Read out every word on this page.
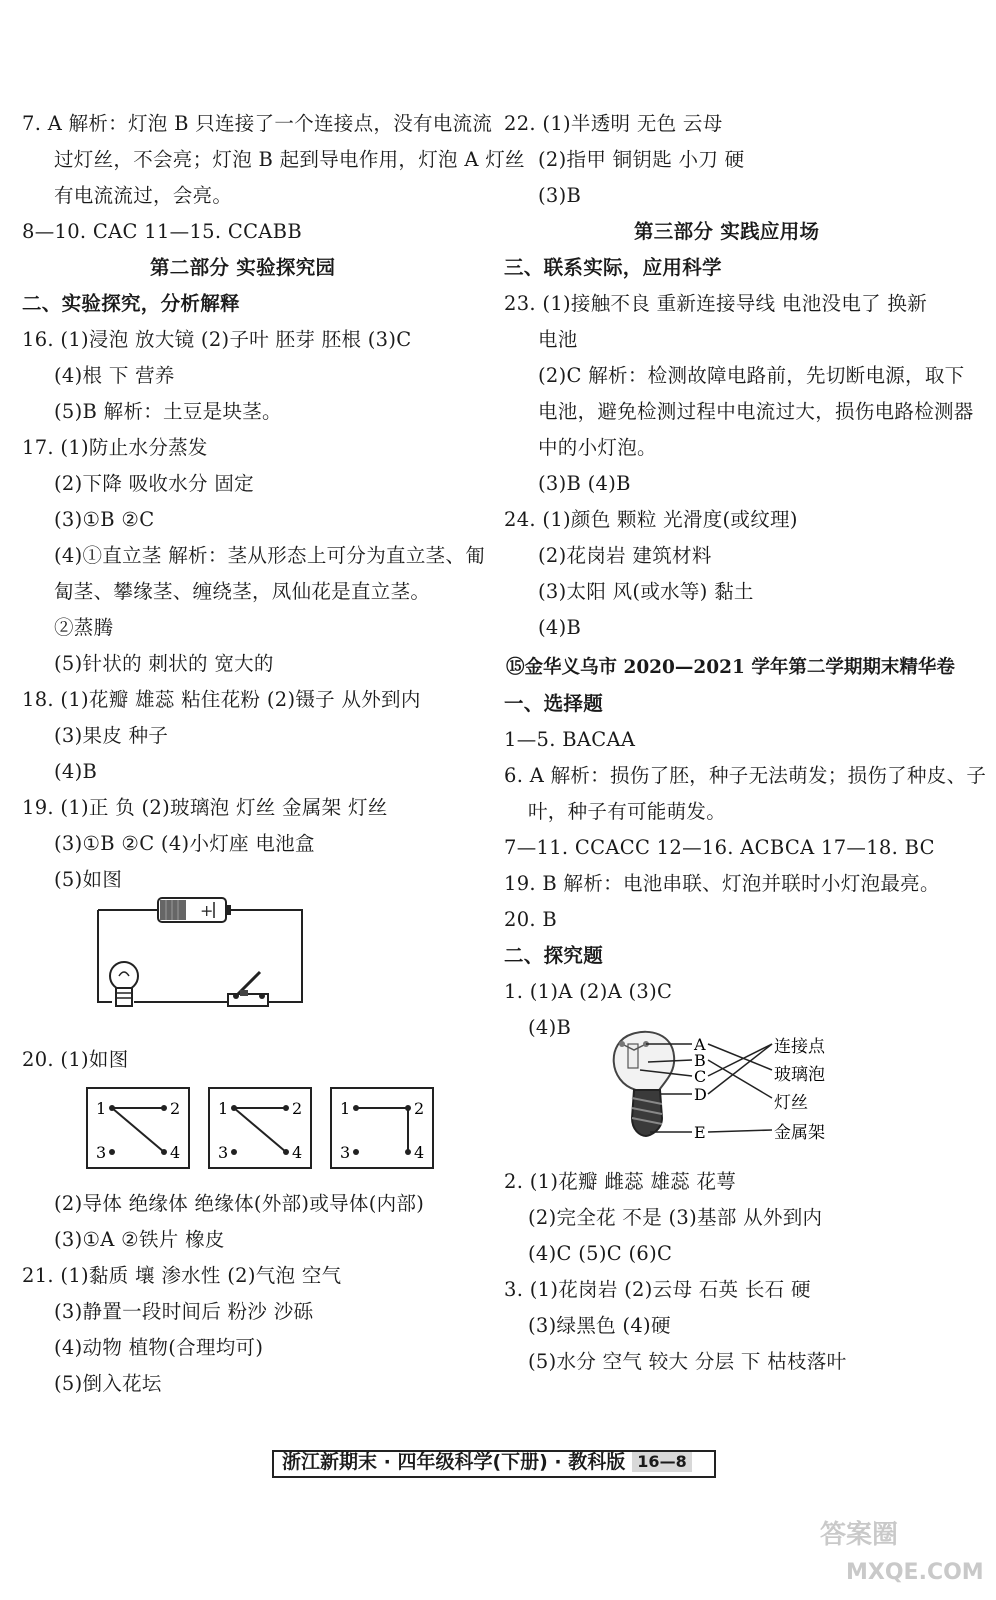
7. A 解析：灯泡 B 只连接了一个连接点，没有电流流
过灯丝，不会亮；灯泡 B 起到导电作用，灯泡 A 灯丝
有电流流过，会亮。
8—10. CAC 11—15. CCABB
第二部分 实验探究园
二、实验探究，分析解释
16. (1)浸泡 放大镜 (2)子叶 胚芽 胚根 (3)C
(4)根 下 营养
(5)B 解析：土豆是块茎。
17. (1)防止水分蒸发
(2)下降 吸收水分 固定
(3)①B ②C
(4)①直立茎 解析：茎从形态上可分为直立茎、匍
匐茎、攀缘茎、缠绕茎，凤仙花是直立茎。
②蒸腾
(5)针状的 刺状的 宽大的
18. (1)花瓣 雄蕊 粘住花粉 (2)镊子 从外到内
(3)果皮 种子
(4)B
19. (1)正 负 (2)玻璃泡 灯丝 金属架 灯丝
(3)①B ②C (4)小灯座 电池盒
(5)如图
+
20. (1)如图
1	2
3	4
1	2
3	4
1	2
3	4
(2)导体 绝缘体 绝缘体(外部)或导体(内部)
(3)①A ②铁片 橡皮
21. (1)黏质 壤 渗水性 (2)气泡 空气
(3)静置一段时间后 粉沙 沙砾
(4)动物 植物(合理均可)
(5)倒入花坛
22. (1)半透明 无色 云母
(2)指甲 铜钥匙 小刀 硬
(3)B
第三部分 实践应用场
三、联系实际，应用科学
23. (1)接触不良 重新连接导线 电池没电了 换新
电池
(2)C 解析：检测故障电路前，先切断电源，取下
电池，避免检测过程中电流过大，损伤电路检测器
中的小灯泡。
(3)B (4)B
24. (1)颜色 颗粒 光滑度(或纹理)
(2)花岗岩 建筑材料
(3)太阳 风(或水等) 黏土
(4)B
⑮金华义乌市 2020—2021 学年第二学期期末精华卷
一、选择题
1—5. BACAA
6. A 解析：损伤了胚，种子无法萌发；损伤了种皮、子
叶，种子有可能萌发。
7—11. CCACC 12—16. ACBCA 17—18. BC
19. B 解析：电池串联、灯泡并联时小灯泡最亮。
20. B
二、探究题
1. (1)A (2)A (3)C
(4)B
A
B
C
D
E
连接点
玻璃泡
灯丝
金属架
2. (1)花瓣 雌蕊 雄蕊 花萼
(2)完全花 不是 (3)基部 从外到内
(4)C (5)C (6)C
3. (1)花岗岩 (2)云母 石英 长石 硬
(3)绿黑色 (4)硬
(5)水分 空气 较大 分层 下 枯枝落叶
浙江新期末 · 四年级科学(下册) · 教科版 16—8
答案圈
MXQE.COM
